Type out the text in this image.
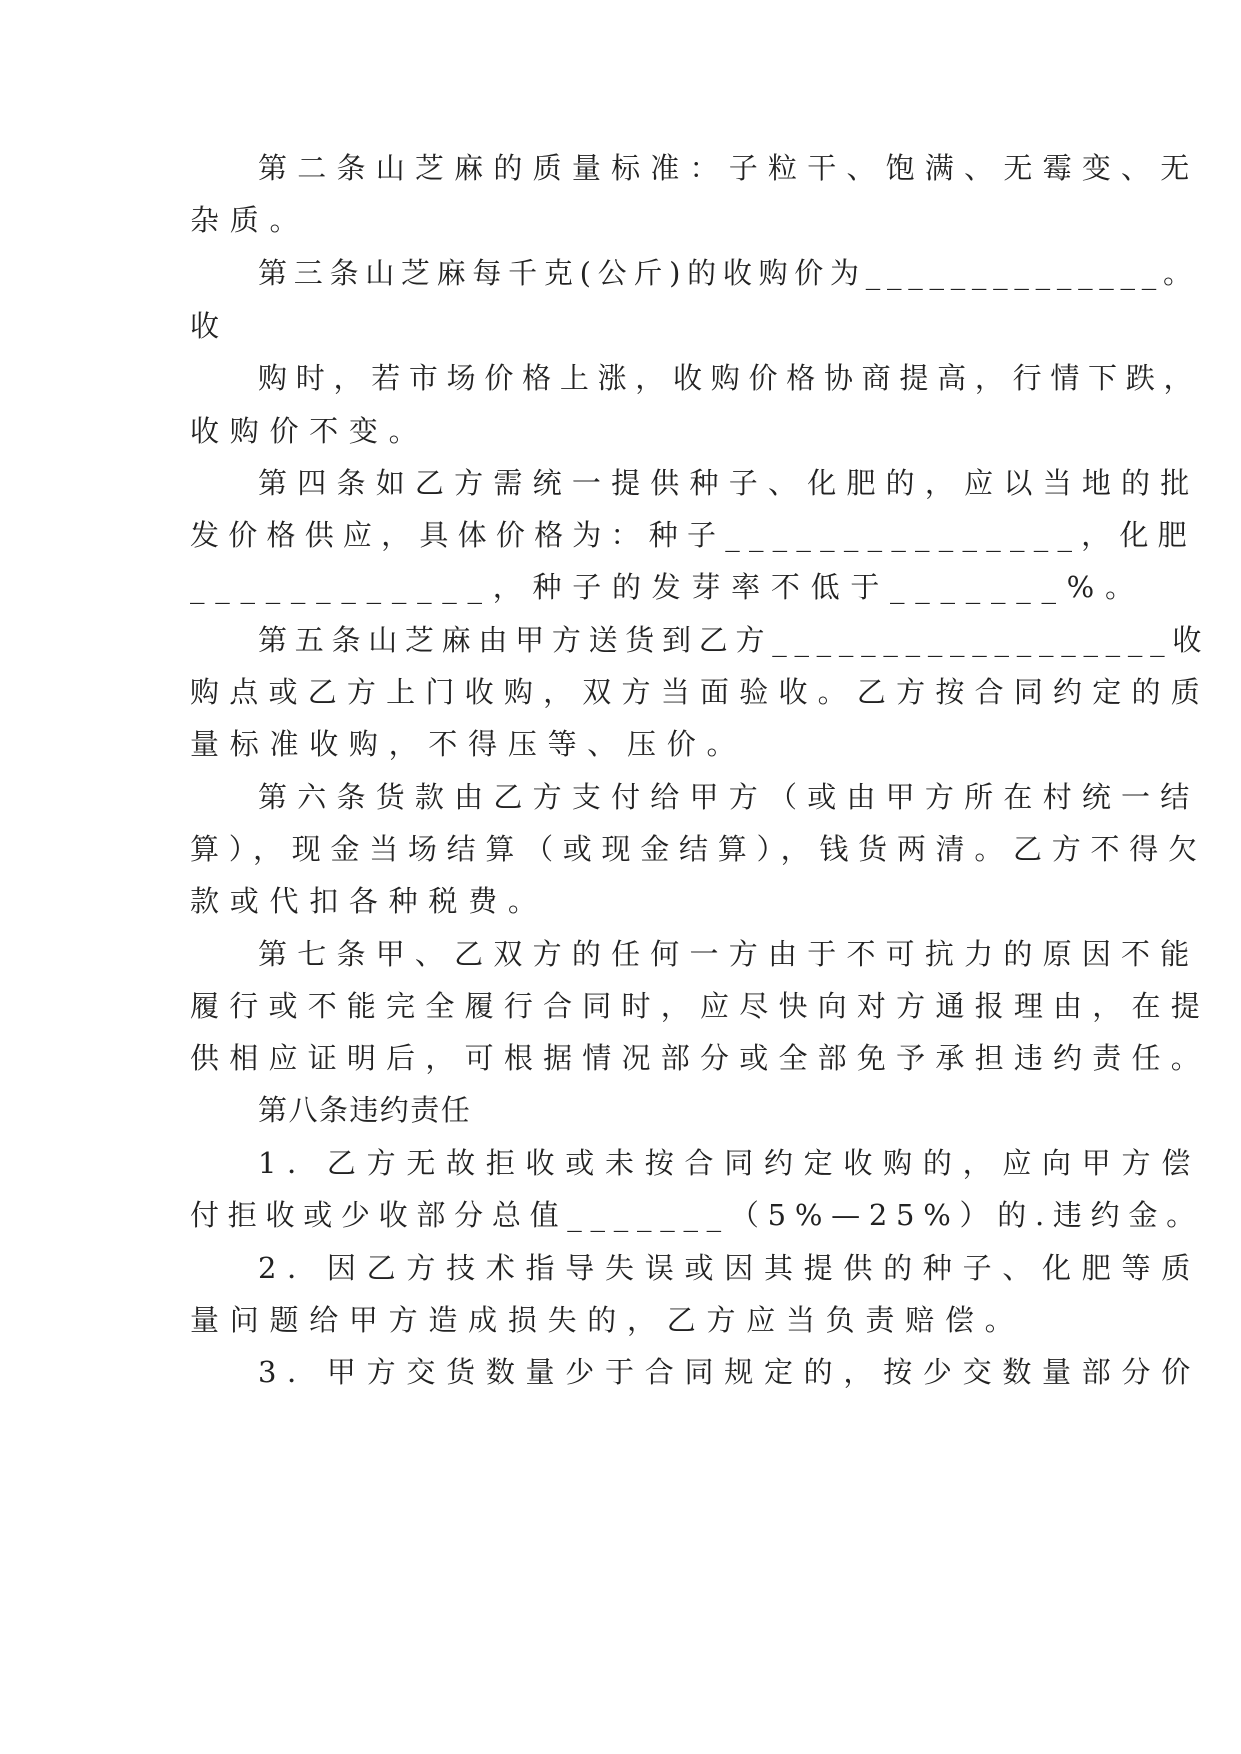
第二条山芝麻的质量标准：子粒干、饱满、无霉变、无
杂质。
第三条山芝麻每千克(公斤)的收购价为______________。
收
购时，若市场价格上涨，收购价格协商提高，行情下跌，
收购价不变。
第四条如乙方需统一提供种子、化肥的，应以当地的批
发价格供应，具体价格为：种子_______________，化肥
____________，种子的发芽率不低于_______%。
第五条山芝麻由甲方送货到乙方__________________收
购点或乙方上门收购，双方当面验收。乙方按合同约定的质
量标准收购，不得压等、压价。
第六条货款由乙方支付给甲方（或由甲方所在村统一结
算），现金当场结算（或现金结算），钱货两清。乙方不得欠
款或代扣各种税费。
第七条甲、乙双方的任何一方由于不可抗力的原因不能
履行或不能完全履行合同时，应尽快向对方通报理由，在提
供相应证明后，可根据情况部分或全部免予承担违约责任。
第八条违约责任
1．乙方无故拒收或未按合同约定收购的，应向甲方偿
付拒收或少收部分总值_______（5%—25%）的.违约金。
2．因乙方技术指导失误或因其提供的种子、化肥等质
量问题给甲方造成损失的，乙方应当负责赔偿。
3．甲方交货数量少于合同规定的，按少交数量部分价
